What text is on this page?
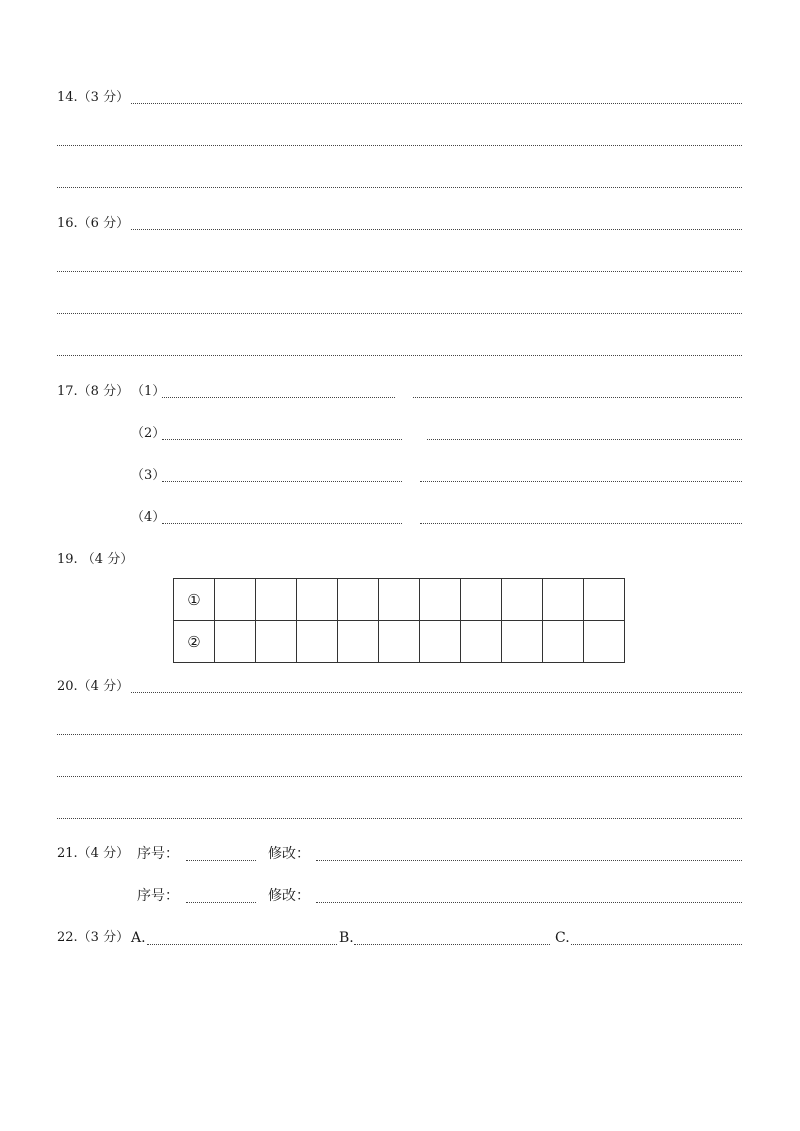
14.（3 分）
16.（6 分）
17.（8 分） （1）
（2）
（3）
（4）
19. （4 分）
①										
②										
20.（4 分）
21.（4 分） 序号：	修改：
序号：	修改：
22.（3 分） A.	B.	C.
